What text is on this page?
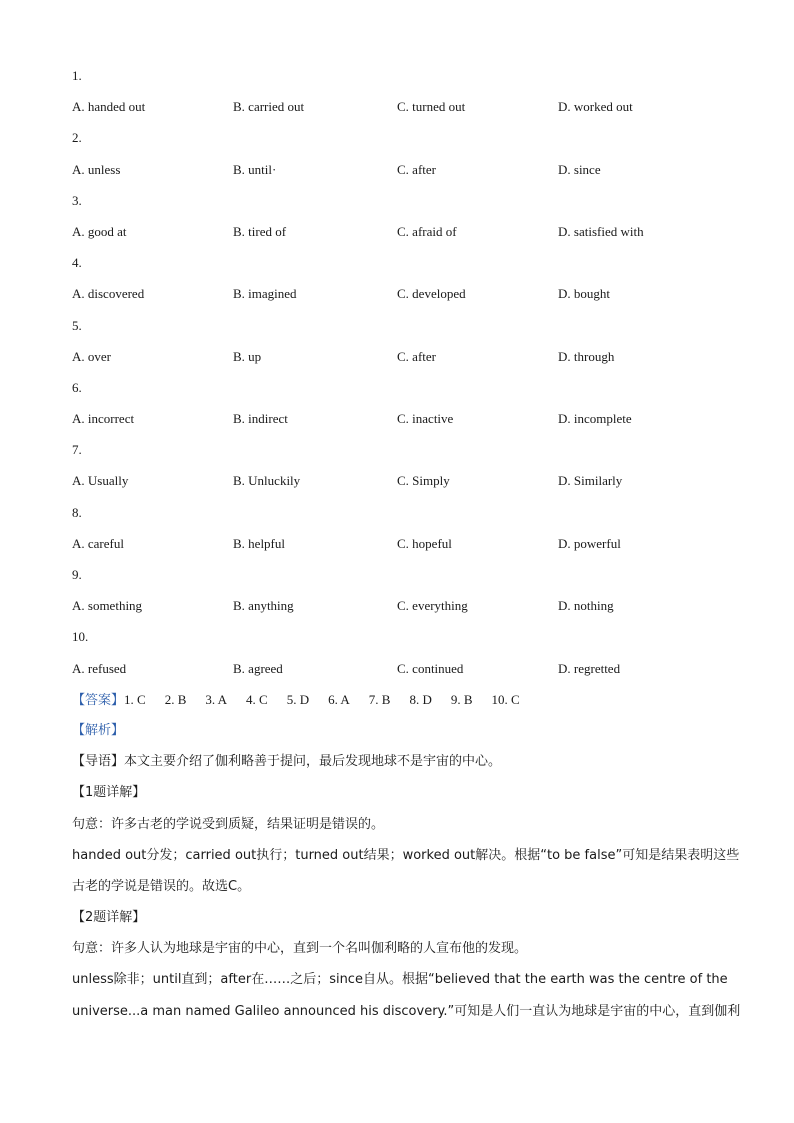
1.
A. handed out	B. carried out	C. turned out	D. worked out
2.
A. unless	B. until·	C. after	D. since
3.
A. good at	B. tired of	C. afraid of	D. satisfied with
4.
A. discovered	B. imagined	C. developed	D. bought
5.
A. over	B. up	C. after	D. through
6.
A. incorrect	B. indirect	C. inactive	D. incomplete
7.
A. Usually	B. Unluckily	C. Simply	D. Similarly
8.
A. careful	B. helpful	C. hopeful	D. powerful
9.
A. something	B. anything	C. everything	D. nothing
10.
A. refused	B. agreed	C. continued	D. regretted
【答案】1. C 2. B 3. A 4. C 5. D 6. A 7. B 8. D 9. B 10. C
【解析】
【导语】本文主要介绍了伽利略善于提问，最后发现地球不是宇宙的中心。
【1题详解】
句意：许多古老的学说受到质疑，结果证明是错误的。
handed out分发；carried out执行；turned out结果；worked out解决。根据“to be false”可知是结果表明这些
古老的学说是错误的。故选C。
【2题详解】
句意：许多人认为地球是宇宙的中心，直到一个名叫伽利略的人宣布他的发现。
unless除非；until直到；after在……之后；since自从。根据“believed that the earth was the centre of the
universe...a man named Galileo announced his discovery.”可知是人们一直认为地球是宇宙的中心，直到伽利
